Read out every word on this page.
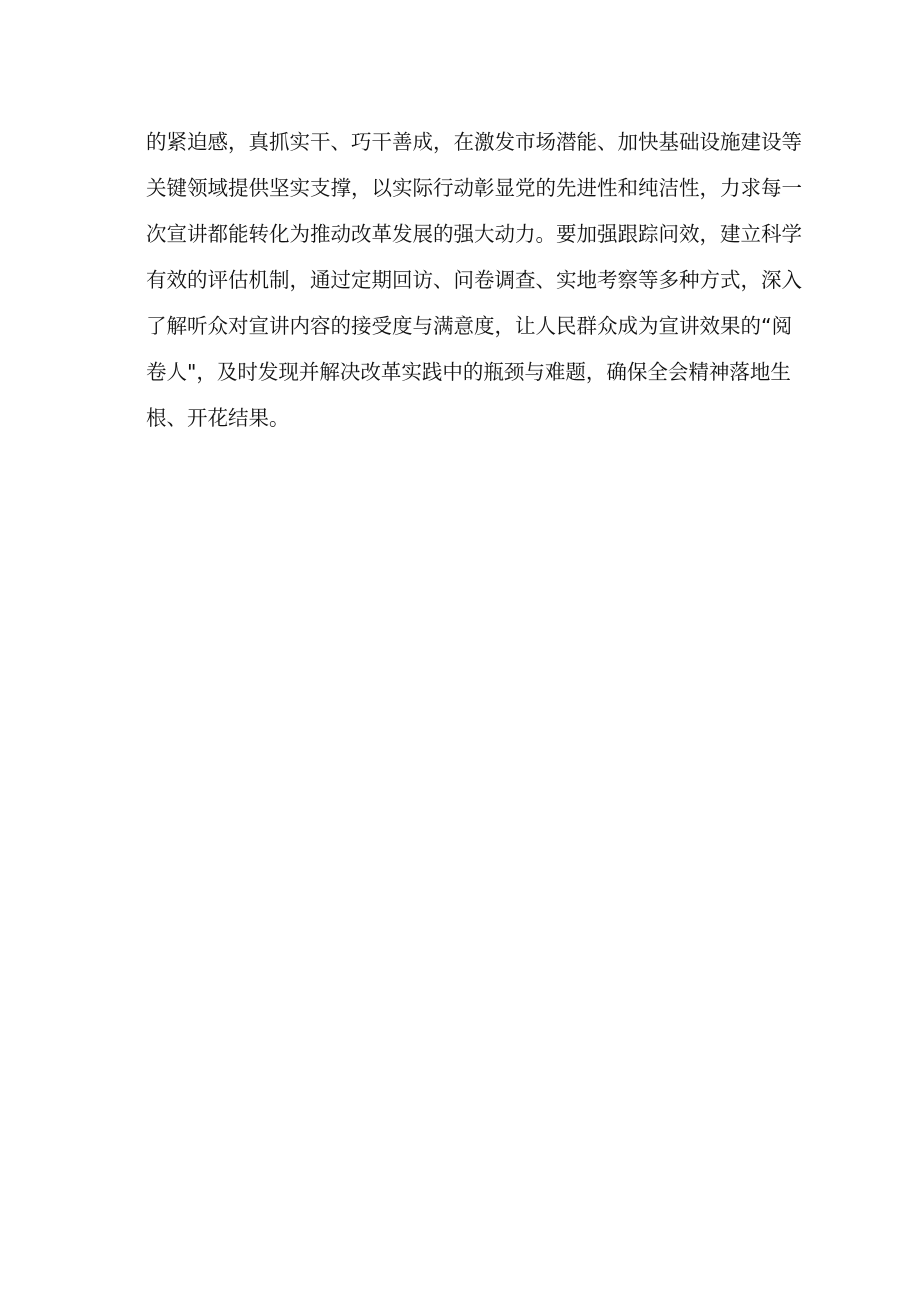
的紧迫感，真抓实干、巧干善成，在激发市场潜能、加快基础设施建设等
关键领域提供坚实支撑，以实际行动彰显党的先进性和纯洁性，力求每一
次宣讲都能转化为推动改革发展的强大动力。要加强跟踪问效，建立科学
有效的评估机制，通过定期回访、问卷调查、实地考察等多种方式，深入
了解听众对宣讲内容的接受度与满意度，让人民群众成为宣讲效果的“阅
卷人"，及时发现并解决改革实践中的瓶颈与难题，确保全会精神落地生
根、开花结果。
